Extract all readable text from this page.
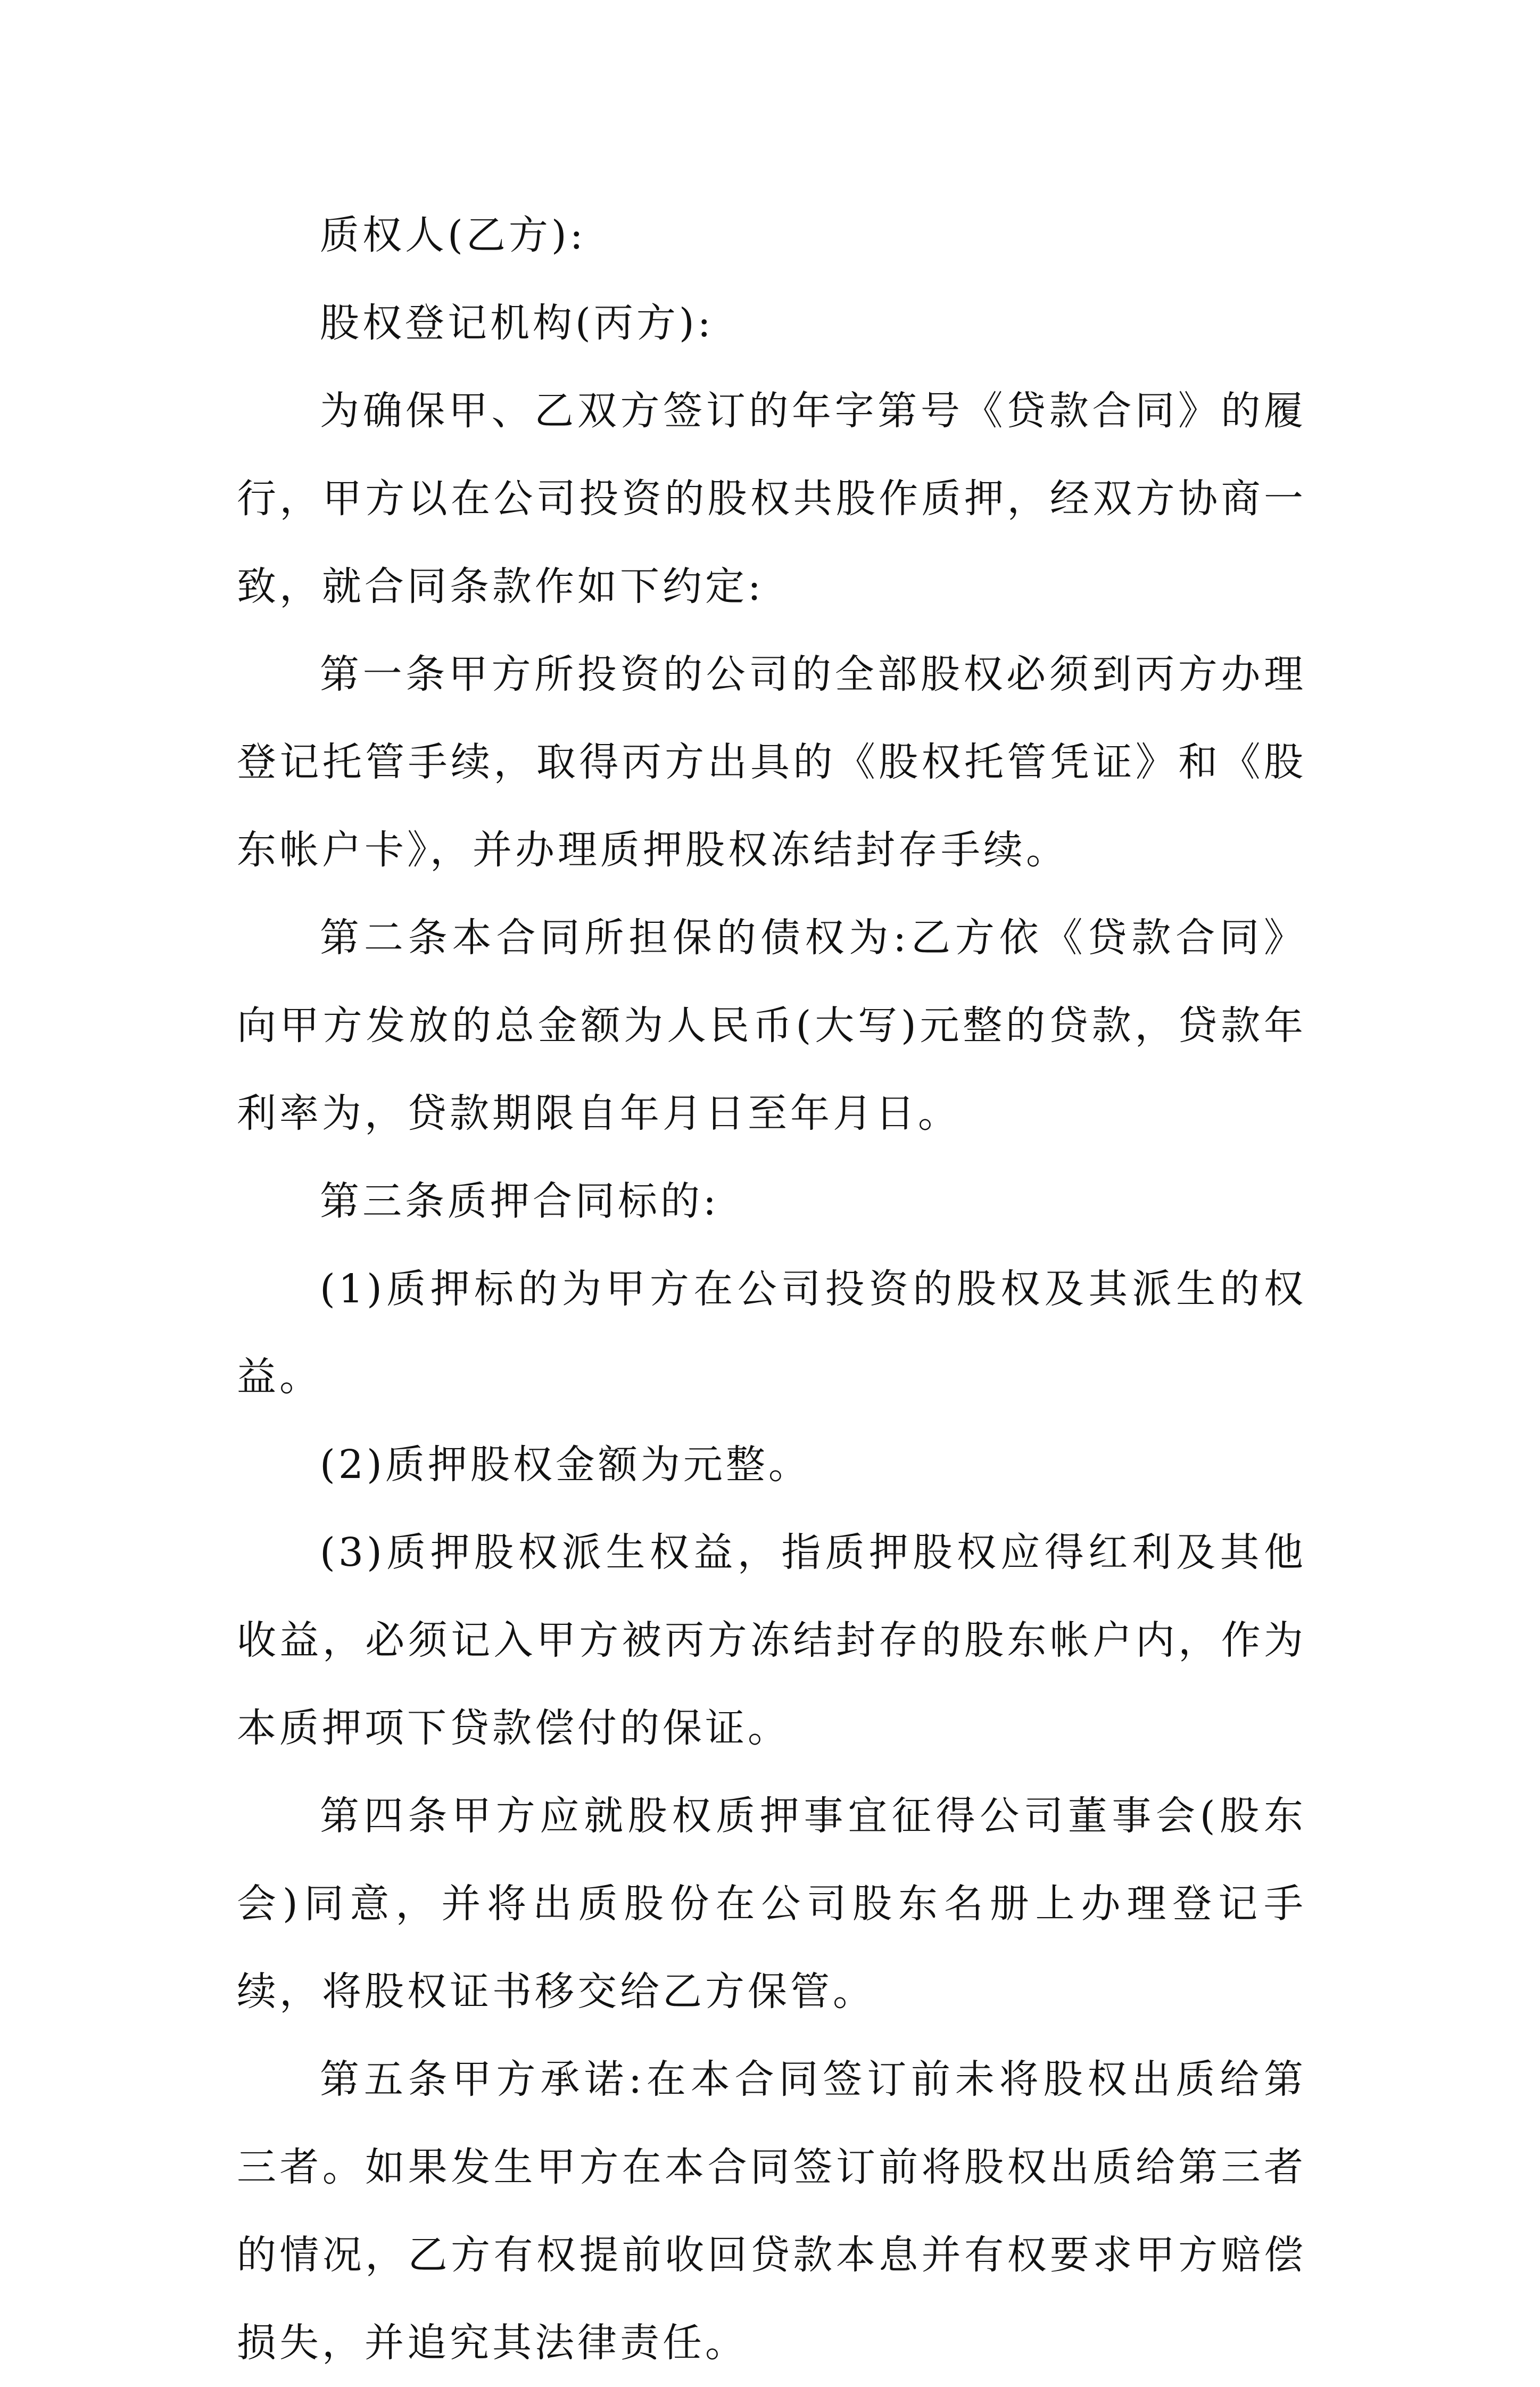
质权人(乙方):

股权登记机构(丙方):

为确保甲、乙双方签订的年字第号《贷款合同》的履行，甲方以在公司投资的股权共股作质押，经双方协商一致，就合同条款作如下约定:

第一条甲方所投资的公司的全部股权必须到丙方办理登记托管手续，取得丙方出具的《股权托管凭证》和《股东帐户卡》，并办理质押股权冻结封存手续。

第二条本合同所担保的债权为:乙方依《贷款合同》向甲方发放的总金额为人民币(大写)元整的贷款，贷款年利率为，贷款期限自年月日至年月日。

第三条质押合同标的:

(1)质押标的为甲方在公司投资的股权及其派生的权益。

(2)质押股权金额为元整。

(3)质押股权派生权益，指质押股权应得红利及其他收益，必须记入甲方被丙方冻结封存的股东帐户内，作为本质押项下贷款偿付的保证。

第四条甲方应就股权质押事宜征得公司董事会(股东会)同意，并将出质股份在公司股东名册上办理登记手续，将股权证书移交给乙方保管。

第五条甲方承诺:在本合同签订前未将股权出质给第三者。如果发生甲方在本合同签订前将股权出质给第三者的情况，乙方有权提前收回贷款本息并有权要求甲方赔偿损失，并追究其法律责任。
